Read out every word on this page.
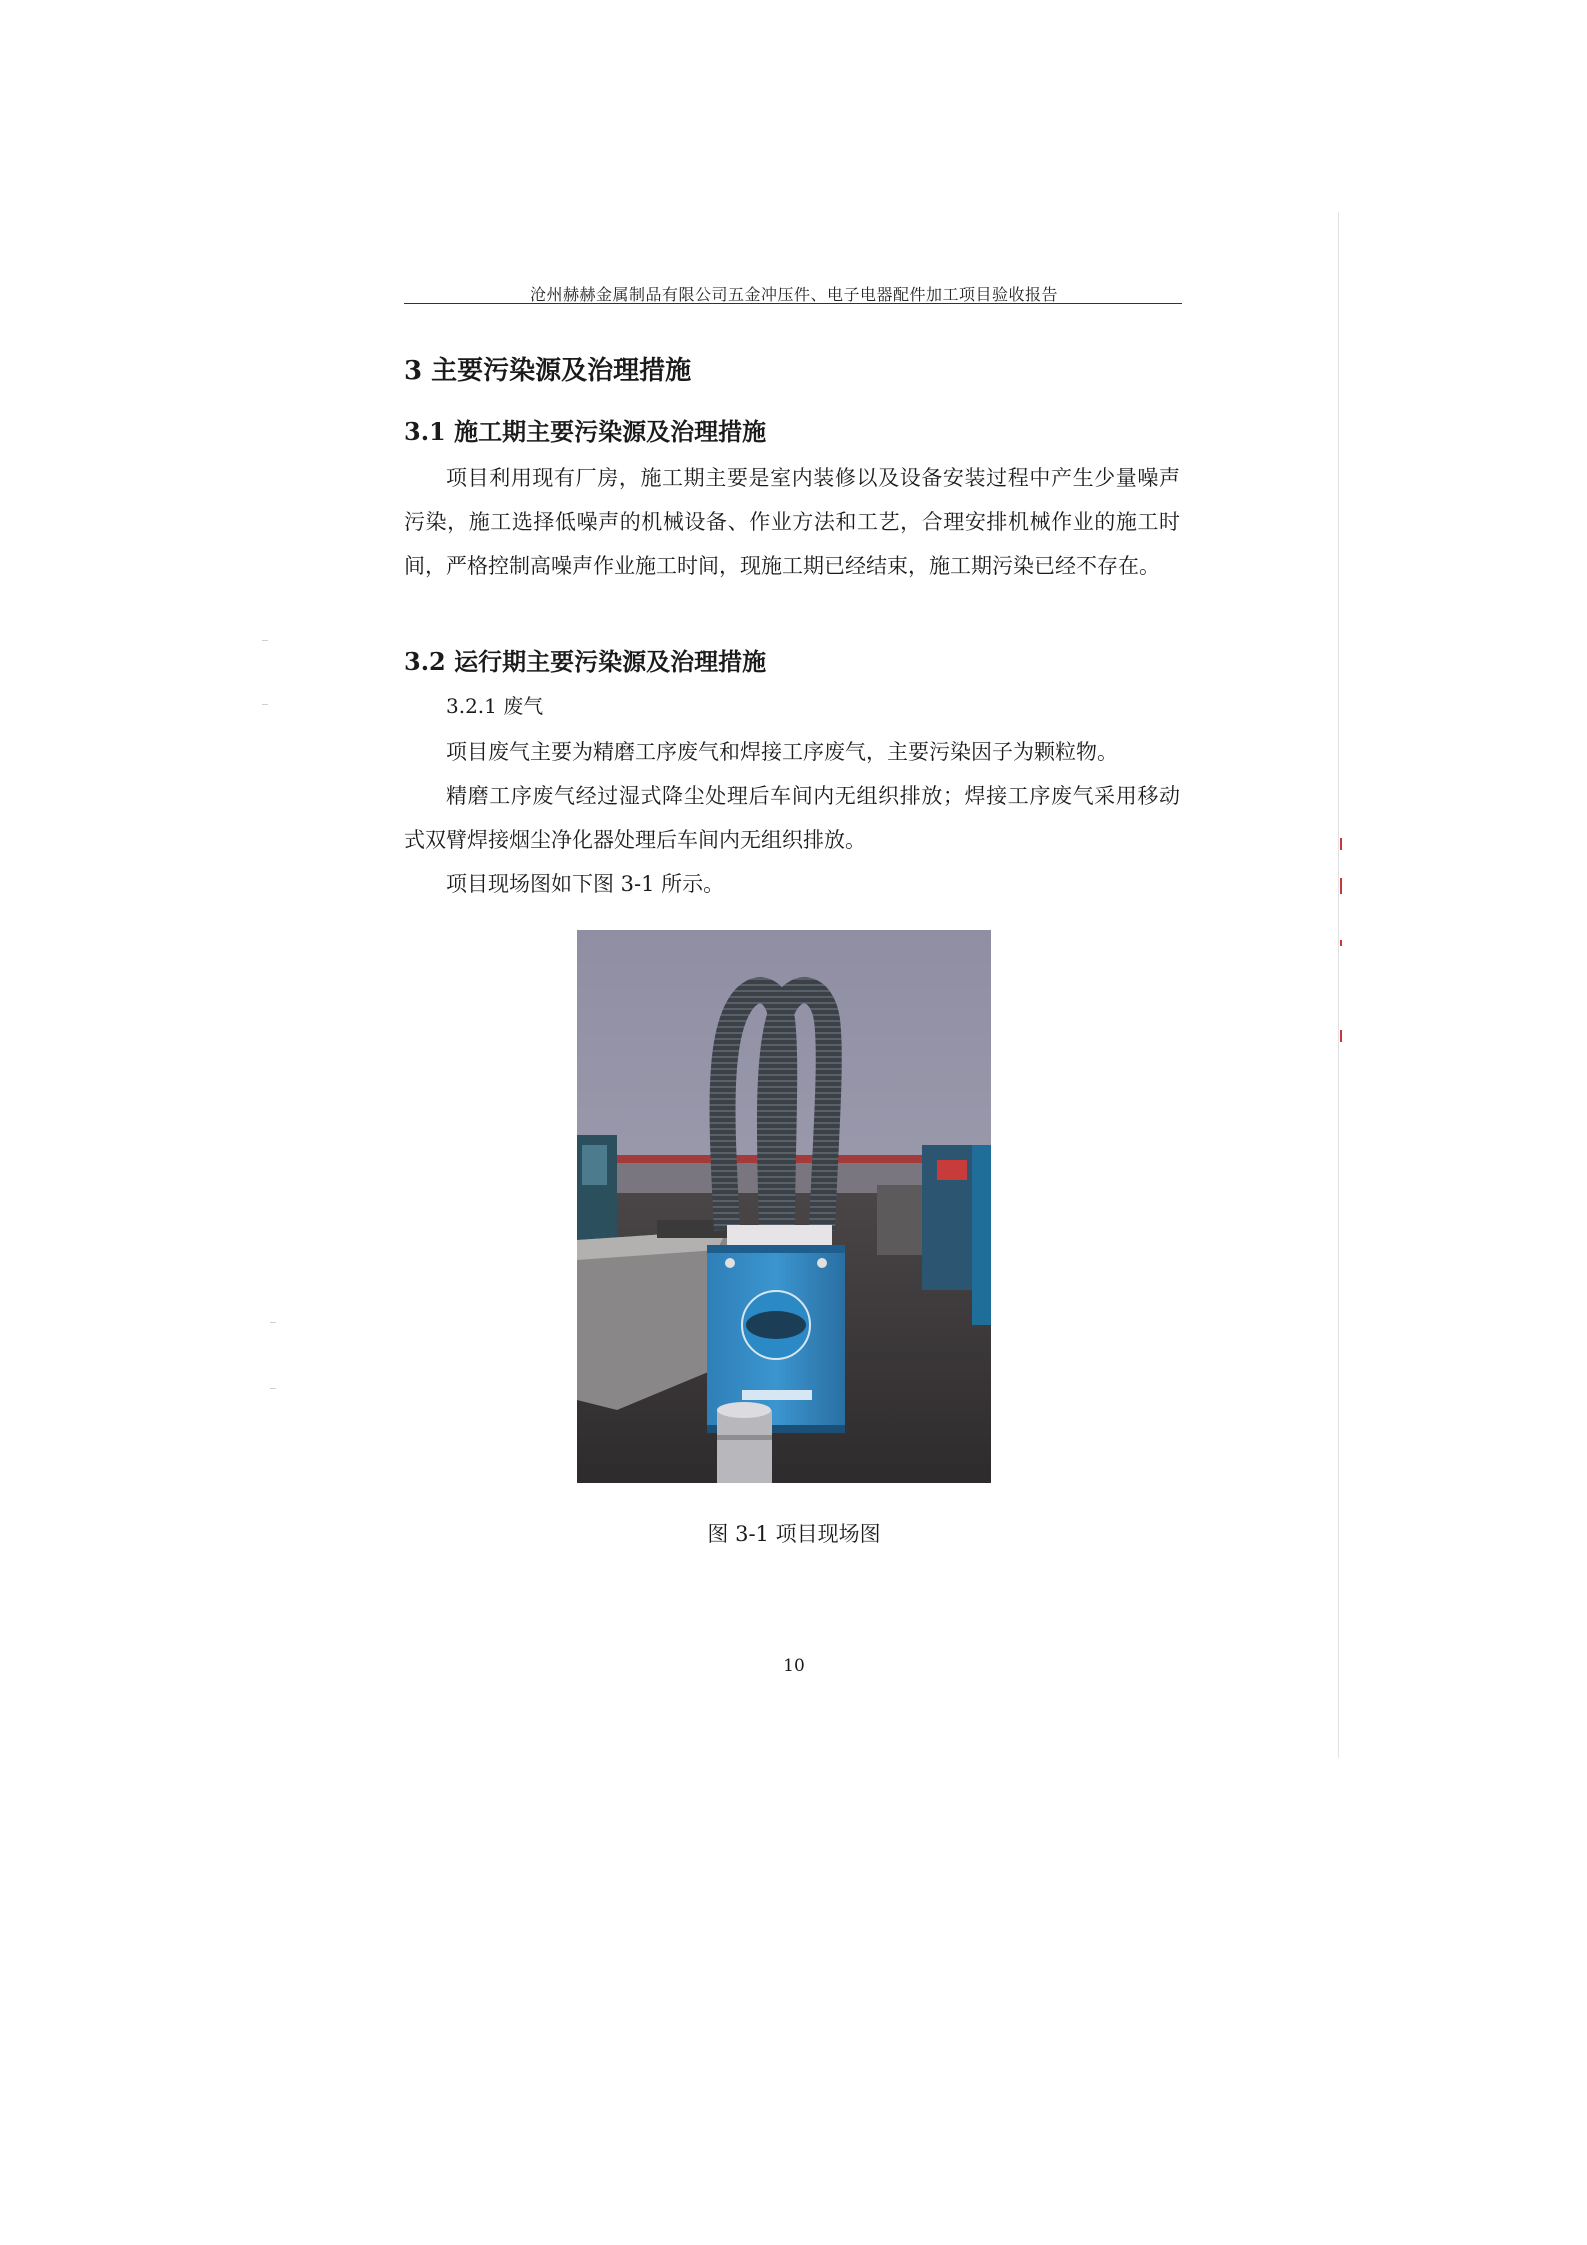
沧州赫赫金属制品有限公司五金冲压件、电子电器配件加工项目验收报告
3 主要污染源及治理措施
3.1 施工期主要污染源及治理措施
项目利用现有厂房，施工期主要是室内装修以及设备安装过程中产生少量噪声污染，施工选择低噪声的机械设备、作业方法和工艺，合理安排机械作业的施工时间，严格控制高噪声作业施工时间，现施工期已经结束，施工期污染已经不存在。
3.2 运行期主要污染源及治理措施
3.2.1 废气
项目废气主要为精磨工序废气和焊接工序废气，主要污染因子为颗粒物。
精磨工序废气经过湿式降尘处理后车间内无组织排放；焊接工序废气采用移动式双臂焊接烟尘净化器处理后车间内无组织排放。
项目现场图如下图 3-1 所示。
图 3-1 项目现场图
10
